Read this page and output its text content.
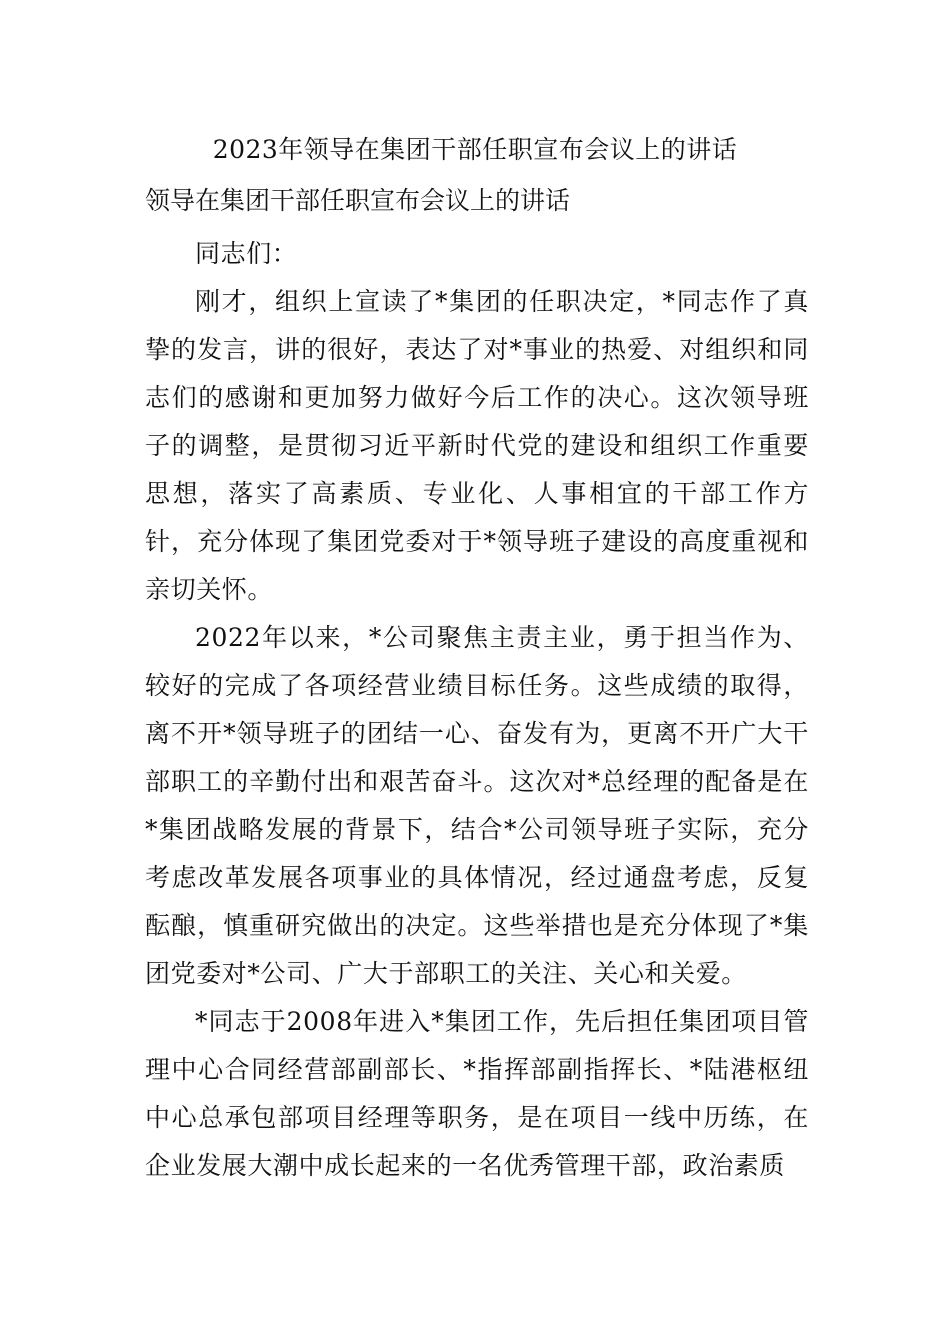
2023年领导在集团干部任职宣布会议上的讲话
领导在集团干部任职宣布会议上的讲话

同志们：

刚才，组织上宣读了*集团的任职决定，*同志作了真挚的发言，讲的很好，表达了对*事业的热爱、对组织和同志们的感谢和更加努力做好今后工作的决心。这次领导班子的调整，是贯彻习近平新时代党的建设和组织工作重要思想，落实了高素质、专业化、人事相宜的干部工作方针，充分体现了集团党委对于*领导班子建设的高度重视和亲切关怀。

2022年以来，*公司聚焦主责主业，勇于担当作为、较好的完成了各项经营业绩目标任务。这些成绩的取得，离不开*领导班子的团结一心、奋发有为，更离不开广大干部职工的辛勤付出和艰苦奋斗。这次对*总经理的配备是在*集团战略发展的背景下，结合*公司领导班子实际，充分考虑改革发展各项事业的具体情况，经过通盘考虑，反复酝酿，慎重研究做出的决定。这些举措也是充分体现了*集团党委对*公司、广大于部职工的关注、关心和关爱。

*同志于2008年进入*集团工作，先后担任集团项目管理中心合同经营部副部长、*指挥部副指挥长、*陆港枢纽中心总承包部项目经理等职务，是在项目一线中历练，在企业发展大潮中成长起来的一名优秀管理干部，政治素质
